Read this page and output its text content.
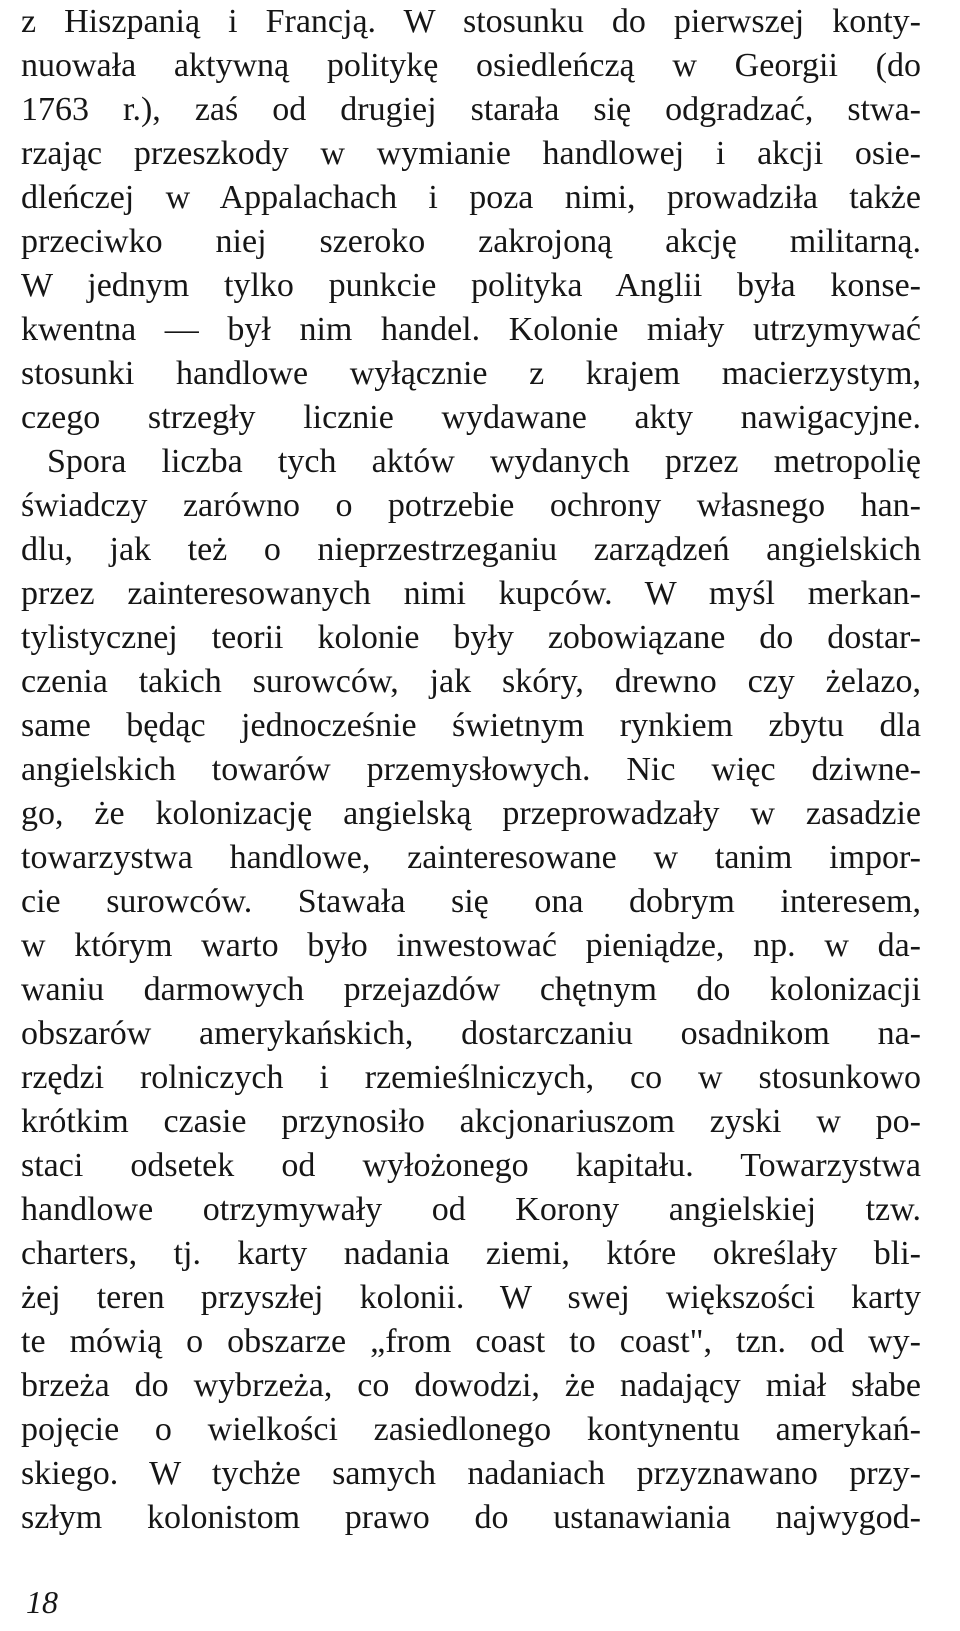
z Hiszpanią i Francją. W stosunku do pierwszej konty-
nuowała aktywną politykę osiedleńczą w Georgii (do
1763 r.), zaś od drugiej starała się odgradzać, stwa-
rzając przeszkody w wymianie handlowej i akcji osie-
dleńczej w Appalachach i poza nimi, prowadziła także
przeciwko niej szeroko zakrojoną akcję militarną.
W jednym tylko punkcie polityka Anglii była konse-
kwentna — był nim handel. Kolonie miały utrzymywać
stosunki handlowe wyłącznie z krajem macierzystym,
czego strzegły licznie wydawane akty nawigacyjne.
Spora liczba tych aktów wydanych przez metropolię
świadczy zarówno o potrzebie ochrony własnego han-
dlu, jak też o nieprzestrzeganiu zarządzeń angielskich
przez zainteresowanych nimi kupców. W myśl merkan-
tylistycznej teorii kolonie były zobowiązane do dostar-
czenia takich surowców, jak skóry, drewno czy żelazo,
same będąc jednocześnie świetnym rynkiem zbytu dla
angielskich towarów przemysłowych. Nic więc dziwne-
go, że kolonizację angielską przeprowadzały w zasadzie
towarzystwa handlowe, zainteresowane w tanim impor-
cie surowców. Stawała się ona dobrym interesem,
w którym warto było inwestować pieniądze, np. w da-
waniu darmowych przejazdów chętnym do kolonizacji
obszarów amerykańskich, dostarczaniu osadnikom na-
rzędzi rolniczych i rzemieślniczych, co w stosunkowo
krótkim czasie przynosiło akcjonariuszom zyski w po-
staci odsetek od wyłożonego kapitału. Towarzystwa
handlowe otrzymywały od Korony angielskiej tzw.
charters, tj. karty nadania ziemi, które określały bli-
żej teren przyszłej kolonii. W swej większości karty
te mówią o obszarze „from coast to coast", tzn. od wy-
brzeża do wybrzeża, co dowodzi, że nadający miał słabe
pojęcie o wielkości zasiedlonego kontynentu amerykań-
skiego. W tychże samych nadaniach przyznawano przy-
szłym kolonistom prawo do ustanawiania najwygod-
18
